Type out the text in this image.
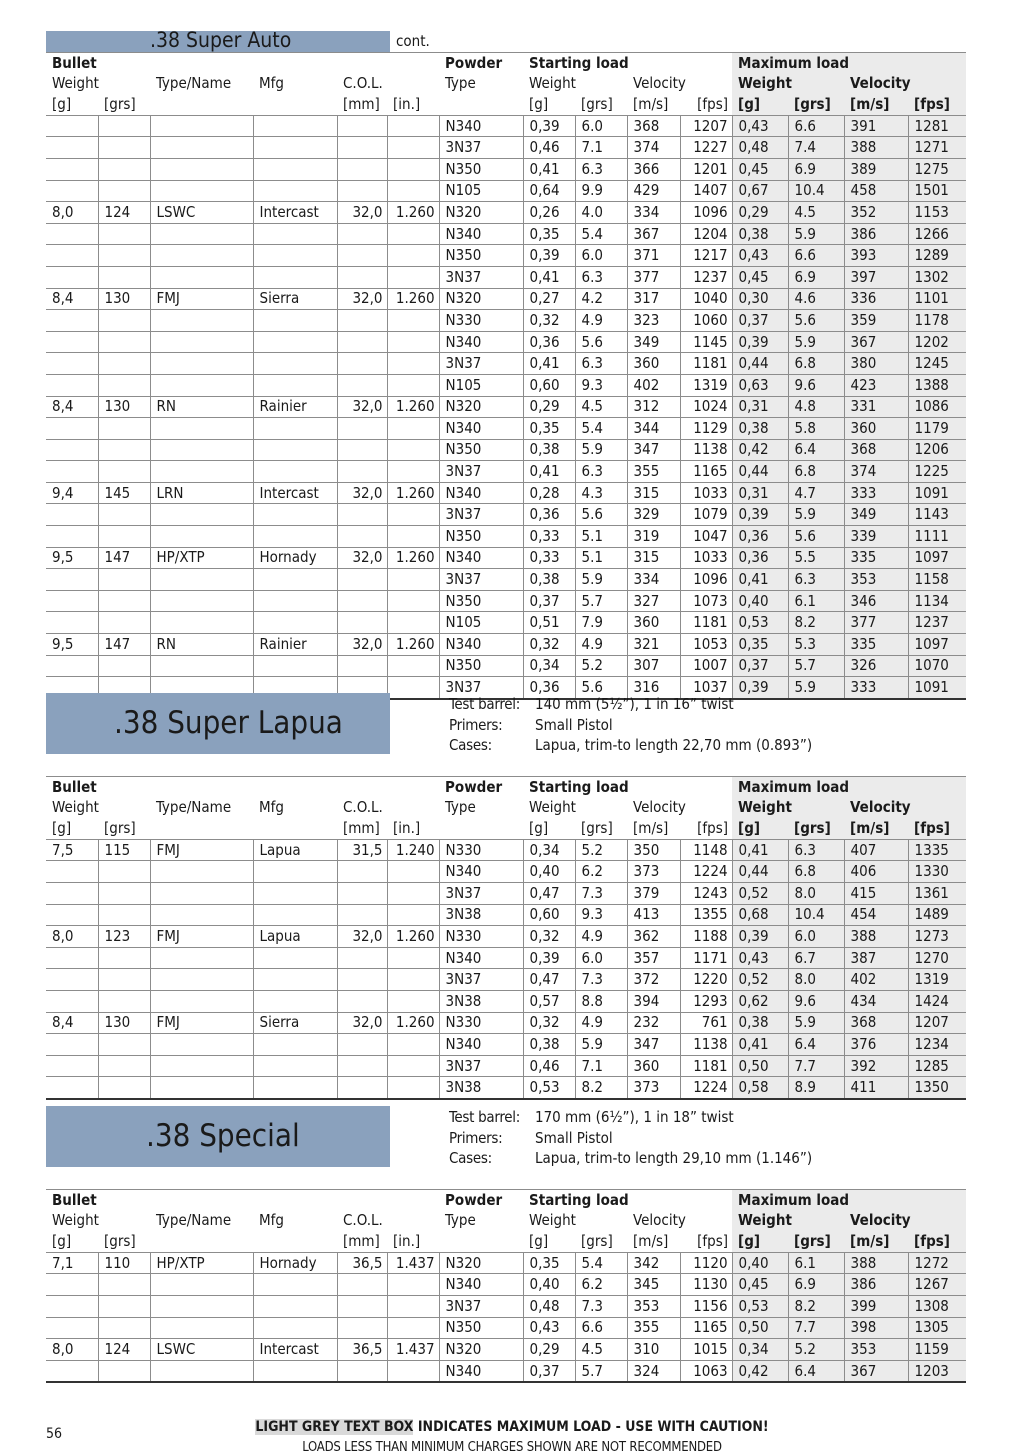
.38 Super Auto	cont.
Bullet						Powder	Starting load				Maximum load			
Weight		Type/Name	Mfg	C.O.L.		Type	Weight		Velocity		Weight		Velocity	
[g]	[grs]			[mm]	[in.]		[g]	[grs]	[m/s]	[fps]	[g]	[grs]	[m/s]	[fps]
						N340	0,39	6.0	368	1207	0,43	6.6	391	1281
						3N37	0,46	7.1	374	1227	0,48	7.4	388	1271
						N350	0,41	6.3	366	1201	0,45	6.9	389	1275
						N105	0,64	9.9	429	1407	0,67	10.4	458	1501
8,0	124	LSWC	Intercast	32,0	1.260	N320	0,26	4.0	334	1096	0,29	4.5	352	1153
						N340	0,35	5.4	367	1204	0,38	5.9	386	1266
						N350	0,39	6.0	371	1217	0,43	6.6	393	1289
						3N37	0,41	6.3	377	1237	0,45	6.9	397	1302
8,4	130	FMJ	Sierra	32,0	1.260	N320	0,27	4.2	317	1040	0,30	4.6	336	1101
						N330	0,32	4.9	323	1060	0,37	5.6	359	1178
						N340	0,36	5.6	349	1145	0,39	5.9	367	1202
						3N37	0,41	6.3	360	1181	0,44	6.8	380	1245
						N105	0,60	9.3	402	1319	0,63	9.6	423	1388
8,4	130	RN	Rainier	32,0	1.260	N320	0,29	4.5	312	1024	0,31	4.8	331	1086
						N340	0,35	5.4	344	1129	0,38	5.8	360	1179
						N350	0,38	5.9	347	1138	0,42	6.4	368	1206
						3N37	0,41	6.3	355	1165	0,44	6.8	374	1225
9,4	145	LRN	Intercast	32,0	1.260	N340	0,28	4.3	315	1033	0,31	4.7	333	1091
						3N37	0,36	5.6	329	1079	0,39	5.9	349	1143
						N350	0,33	5.1	319	1047	0,36	5.6	339	1111
9,5	147	HP/XTP	Hornady	32,0	1.260	N340	0,33	5.1	315	1033	0,36	5.5	335	1097
						3N37	0,38	5.9	334	1096	0,41	6.3	353	1158
						N350	0,37	5.7	327	1073	0,40	6.1	346	1134
						N105	0,51	7.9	360	1181	0,53	8.2	377	1237
9,5	147	RN	Rainier	32,0	1.260	N340	0,32	4.9	321	1053	0,35	5.3	335	1097
						N350	0,34	5.2	307	1007	0,37	5.7	326	1070
						3N37	0,36	5.6	316	1037	0,39	5.9	333	1091
.38 Super Lapua
Test barrel:	140 mm (5½”), 1 in 16” twist
Primers:	Small Pistol
Cases:	Lapua, trim-to length 22,70 mm (0.893”)
Bullet						Powder	Starting load				Maximum load			
Weight		Type/Name	Mfg	C.O.L.		Type	Weight		Velocity		Weight		Velocity	
[g]	[grs]			[mm]	[in.]		[g]	[grs]	[m/s]	[fps]	[g]	[grs]	[m/s]	[fps]
7,5	115	FMJ	Lapua	31,5	1.240	N330	0,34	5.2	350	1148	0,41	6.3	407	1335
						N340	0,40	6.2	373	1224	0,44	6.8	406	1330
						3N37	0,47	7.3	379	1243	0,52	8.0	415	1361
						3N38	0,60	9.3	413	1355	0,68	10.4	454	1489
8,0	123	FMJ	Lapua	32,0	1.260	N330	0,32	4.9	362	1188	0,39	6.0	388	1273
						N340	0,39	6.0	357	1171	0,43	6.7	387	1270
						3N37	0,47	7.3	372	1220	0,52	8.0	402	1319
						3N38	0,57	8.8	394	1293	0,62	9.6	434	1424
8,4	130	FMJ	Sierra	32,0	1.260	N330	0,32	4.9	232	761	0,38	5.9	368	1207
						N340	0,38	5.9	347	1138	0,41	6.4	376	1234
						3N37	0,46	7.1	360	1181	0,50	7.7	392	1285
						3N38	0,53	8.2	373	1224	0,58	8.9	411	1350
.38 Special
Test barrel:	170 mm (6½”), 1 in 18” twist
Primers:	Small Pistol
Cases:	Lapua, trim-to length 29,10 mm (1.146”)
Bullet						Powder	Starting load				Maximum load			
Weight		Type/Name	Mfg	C.O.L.		Type	Weight		Velocity		Weight		Velocity	
[g]	[grs]			[mm]	[in.]		[g]	[grs]	[m/s]	[fps]	[g]	[grs]	[m/s]	[fps]
7,1	110	HP/XTP	Hornady	36,5	1.437	N320	0,35	5.4	342	1120	0,40	6.1	388	1272
						N340	0,40	6.2	345	1130	0,45	6.9	386	1267
						3N37	0,48	7.3	353	1156	0,53	8.2	399	1308
						N350	0,43	6.6	355	1165	0,50	7.7	398	1305
8,0	124	LSWC	Intercast	36,5	1.437	N320	0,29	4.5	310	1015	0,34	5.2	353	1159
						N340	0,37	5.7	324	1063	0,42	6.4	367	1203
LIGHT GREY TEXT BOX INDICATES MAXIMUM LOAD - USE WITH CAUTION!
LOADS LESS THAN MINIMUM CHARGES SHOWN ARE NOT RECOMMENDED
56
